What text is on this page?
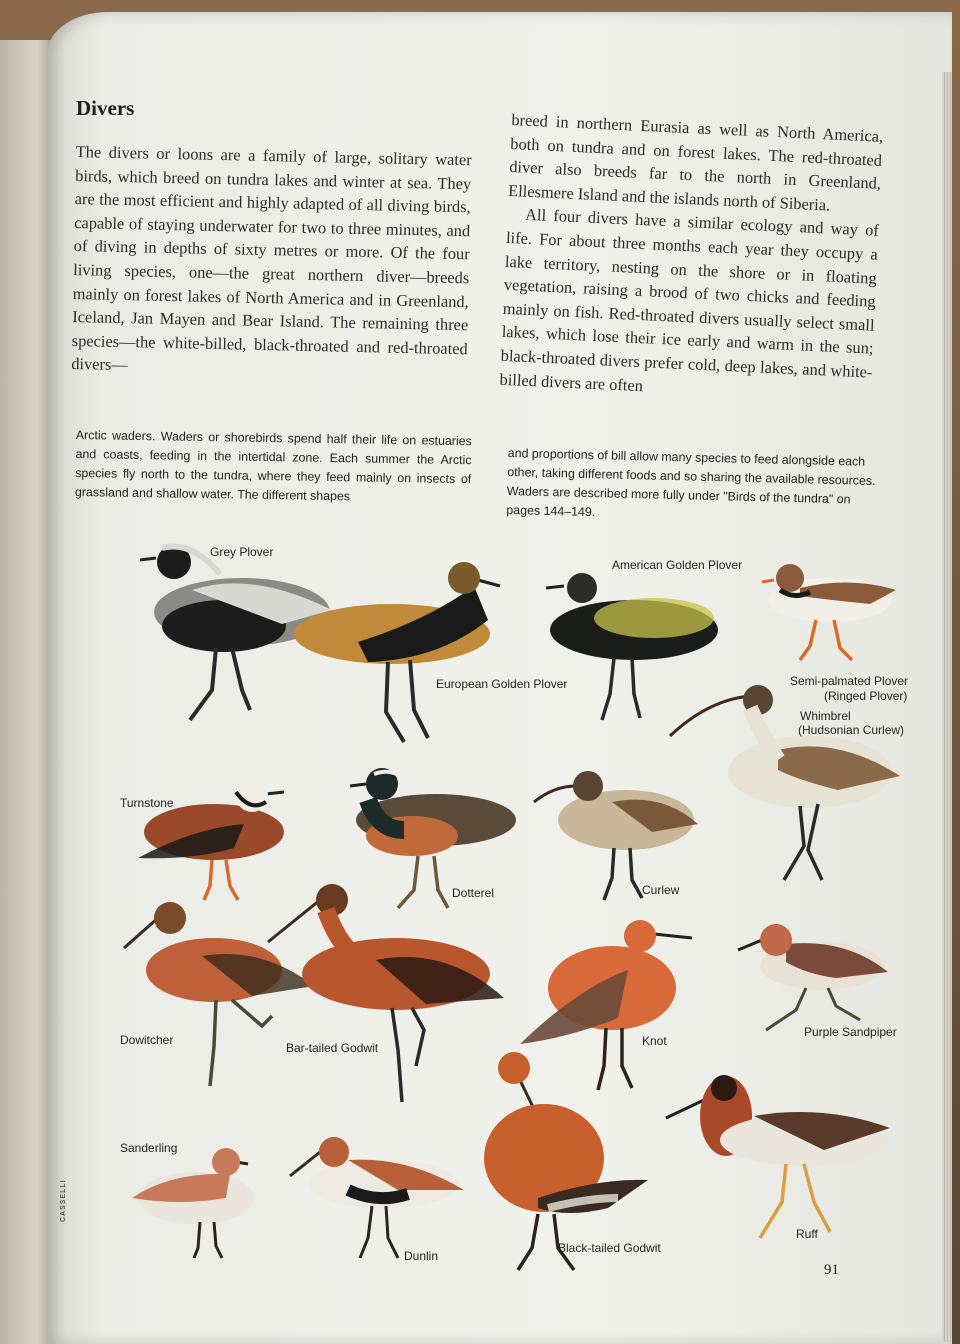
Divers

The divers or loons are a family of large, solitary water birds, which breed on tundra lakes and winter at sea. They are the most efficient and highly adapted of all diving birds, capable of staying underwater for two to three minutes, and of diving in depths of sixty metres or more. Of the four living species, one—the great northern diver—breeds mainly on forest lakes of North America and in Greenland, Iceland, Jan Mayen and Bear Island. The remaining three species—the white-billed, black-throated and red-throated divers—

breed in northern Eurasia as well as North America, both on tundra and on forest lakes. The red-throated diver also breeds far to the north in Greenland, Ellesmere Island and the islands north of Siberia.

All four divers have a similar ecology and way of life. For about three months each year they occupy a lake territory, nesting on the shore or in floating vegetation, raising a brood of two chicks and feeding mainly on fish. Red-throated divers usually select small lakes, which lose their ice early and warm in the sun; black-throated divers prefer cold, deep lakes, and white-billed divers are often

Arctic waders. Waders or shorebirds spend half their life on estuaries and coasts, feeding in the intertidal zone. Each summer the Arctic species fly north to the tundra, where they feed mainly on insects of grassland and shallow water. The different shapes

and proportions of bill allow many species to feed alongside each other, taking different foods and so sharing the available resources. Waders are described more fully under "Birds of the tundra" on pages 144–149.

Grey Plover
European Golden Plover
American Golden Plover
Semi-palmated Plover
(Ringed Plover)
Whimbrel
(Hudsonian Curlew)
Turnstone
Dotterel	Curlew
Dowitcher
Bar-tailed Godwit	Knot
Purple Sandpiper
Sanderling
Dunlin
Black-tailed Godwit
Ruff
CASSELLI
91
